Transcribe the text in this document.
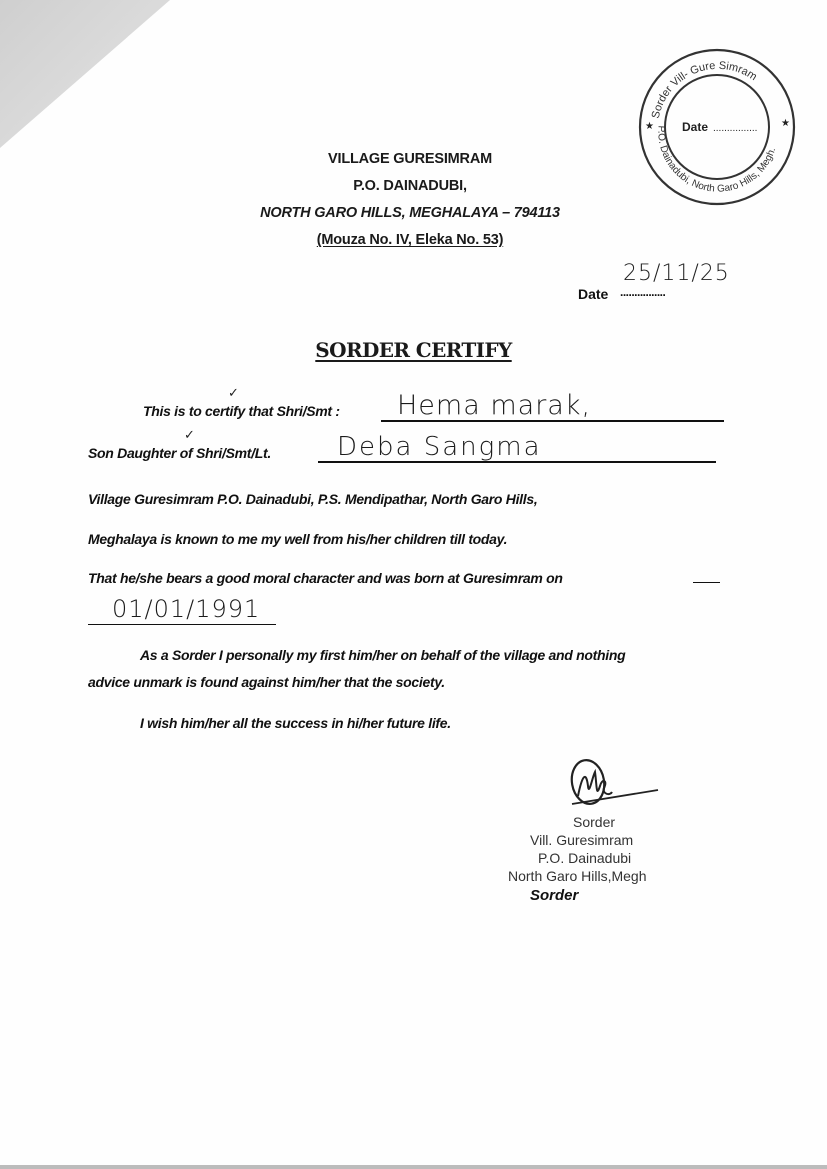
VILLAGE GURESIMRAM
P.O. DAINADUBI,
NORTH GARO HILLS, MEGHALAYA – 794113
(Mouza No. IV, Eleka No. 53)
Sorder Vill- Gure Simram
P.O. Dainadubi, North Garo Hills, Megh.
★	★
Date ................
Date ................
25/11/25
SORDER CERTIFY
✓
This is to certify that Shri/Smt : Hema marak,
✓
Son Daughter of Shri/Smt/Lt.	Deba Sangma
Village Guresimram P.O. Dainadubi, P.S. Mendipathar, North Garo Hills,
Meghalaya is known to me my well from his/her children till today.
That he/she bears a good moral character and was born at Guresimram on
01/01/1991
As a Sorder I personally my first him/her on behalf of the village and nothing
advice unmark is found against him/her that the society.
I wish him/her all the success in hi/her future life.
Sorder
Vill. Guresimram
P.O. Dainadubi
North Garo Hills,Megh
Sorder
